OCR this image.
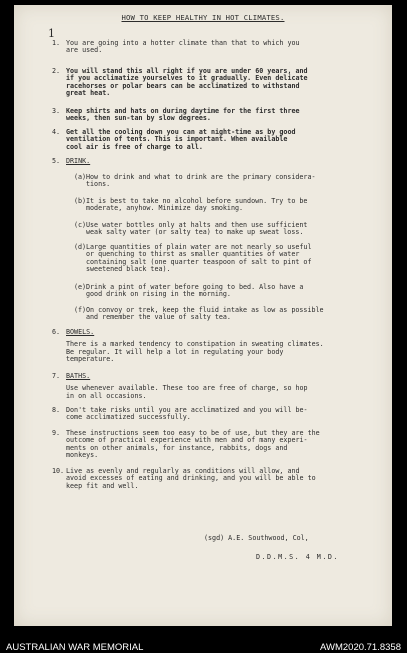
HOW TO KEEP HEALTHY IN HOT CLIMATES.
1
1. You are going into a hotter climate than that to which you
are used.
2. You will stand this all right if you are under 60 years, and
if you acclimatize yourselves to it gradually. Even delicate
racehorses or polar bears can be acclimatized to withstand
great heat.
3. Keep shirts and hats on during daytime for the first three
weeks, then sun-tan by slow degrees.
4. Get all the cooling down you can at night-time as by good
ventilation of tents. This is important. When available
cool air is free of charge to all.
5. DRINK.
(a) How to drink and what to drink are the primary considera-
tions.
(b) It is best to take no alcohol before sundown. Try to be
moderate, anyhow. Minimize day smoking.
(c) Use water bottles only at halts and then use sufficient
weak salty water (or salty tea) to make up sweat loss.
(d) Large quantities of plain water are not nearly so useful
or quenching to thirst as smaller quantities of water
containing salt (one quarter teaspoon of salt to pint of
sweetened black tea).
(e) Drink a pint of water before going to bed. Also have a
good drink on rising in the morning.
(f) On convoy or trek, keep the fluid intake as low as possible
and remember the value of salty tea.
6. BOWELS.
There is a marked tendency to constipation in sweating climates.
Be regular. It will help a lot in regulating your body
temperature.
7. BATHS.
Use whenever available. These too are free of charge, so hop
in on all occasions.
8. Don't take risks until you are acclimatized and you will be-
come acclimatized successfully.
9. These instructions seem too easy to be of use, but they are the
outcome of practical experience with men and of many experi-
ments on other animals, for instance, rabbits, dogs and
monkeys.
10. Live as evenly and regularly as conditions will allow, and
avoid excesses of eating and drinking, and you will be able to
keep fit and well.
(sgd) A.E. Southwood, Col,
D.D.M.S. 4 M.D.
AUSTRALIAN WAR MEMORIAL	AWM2020.71.8358
